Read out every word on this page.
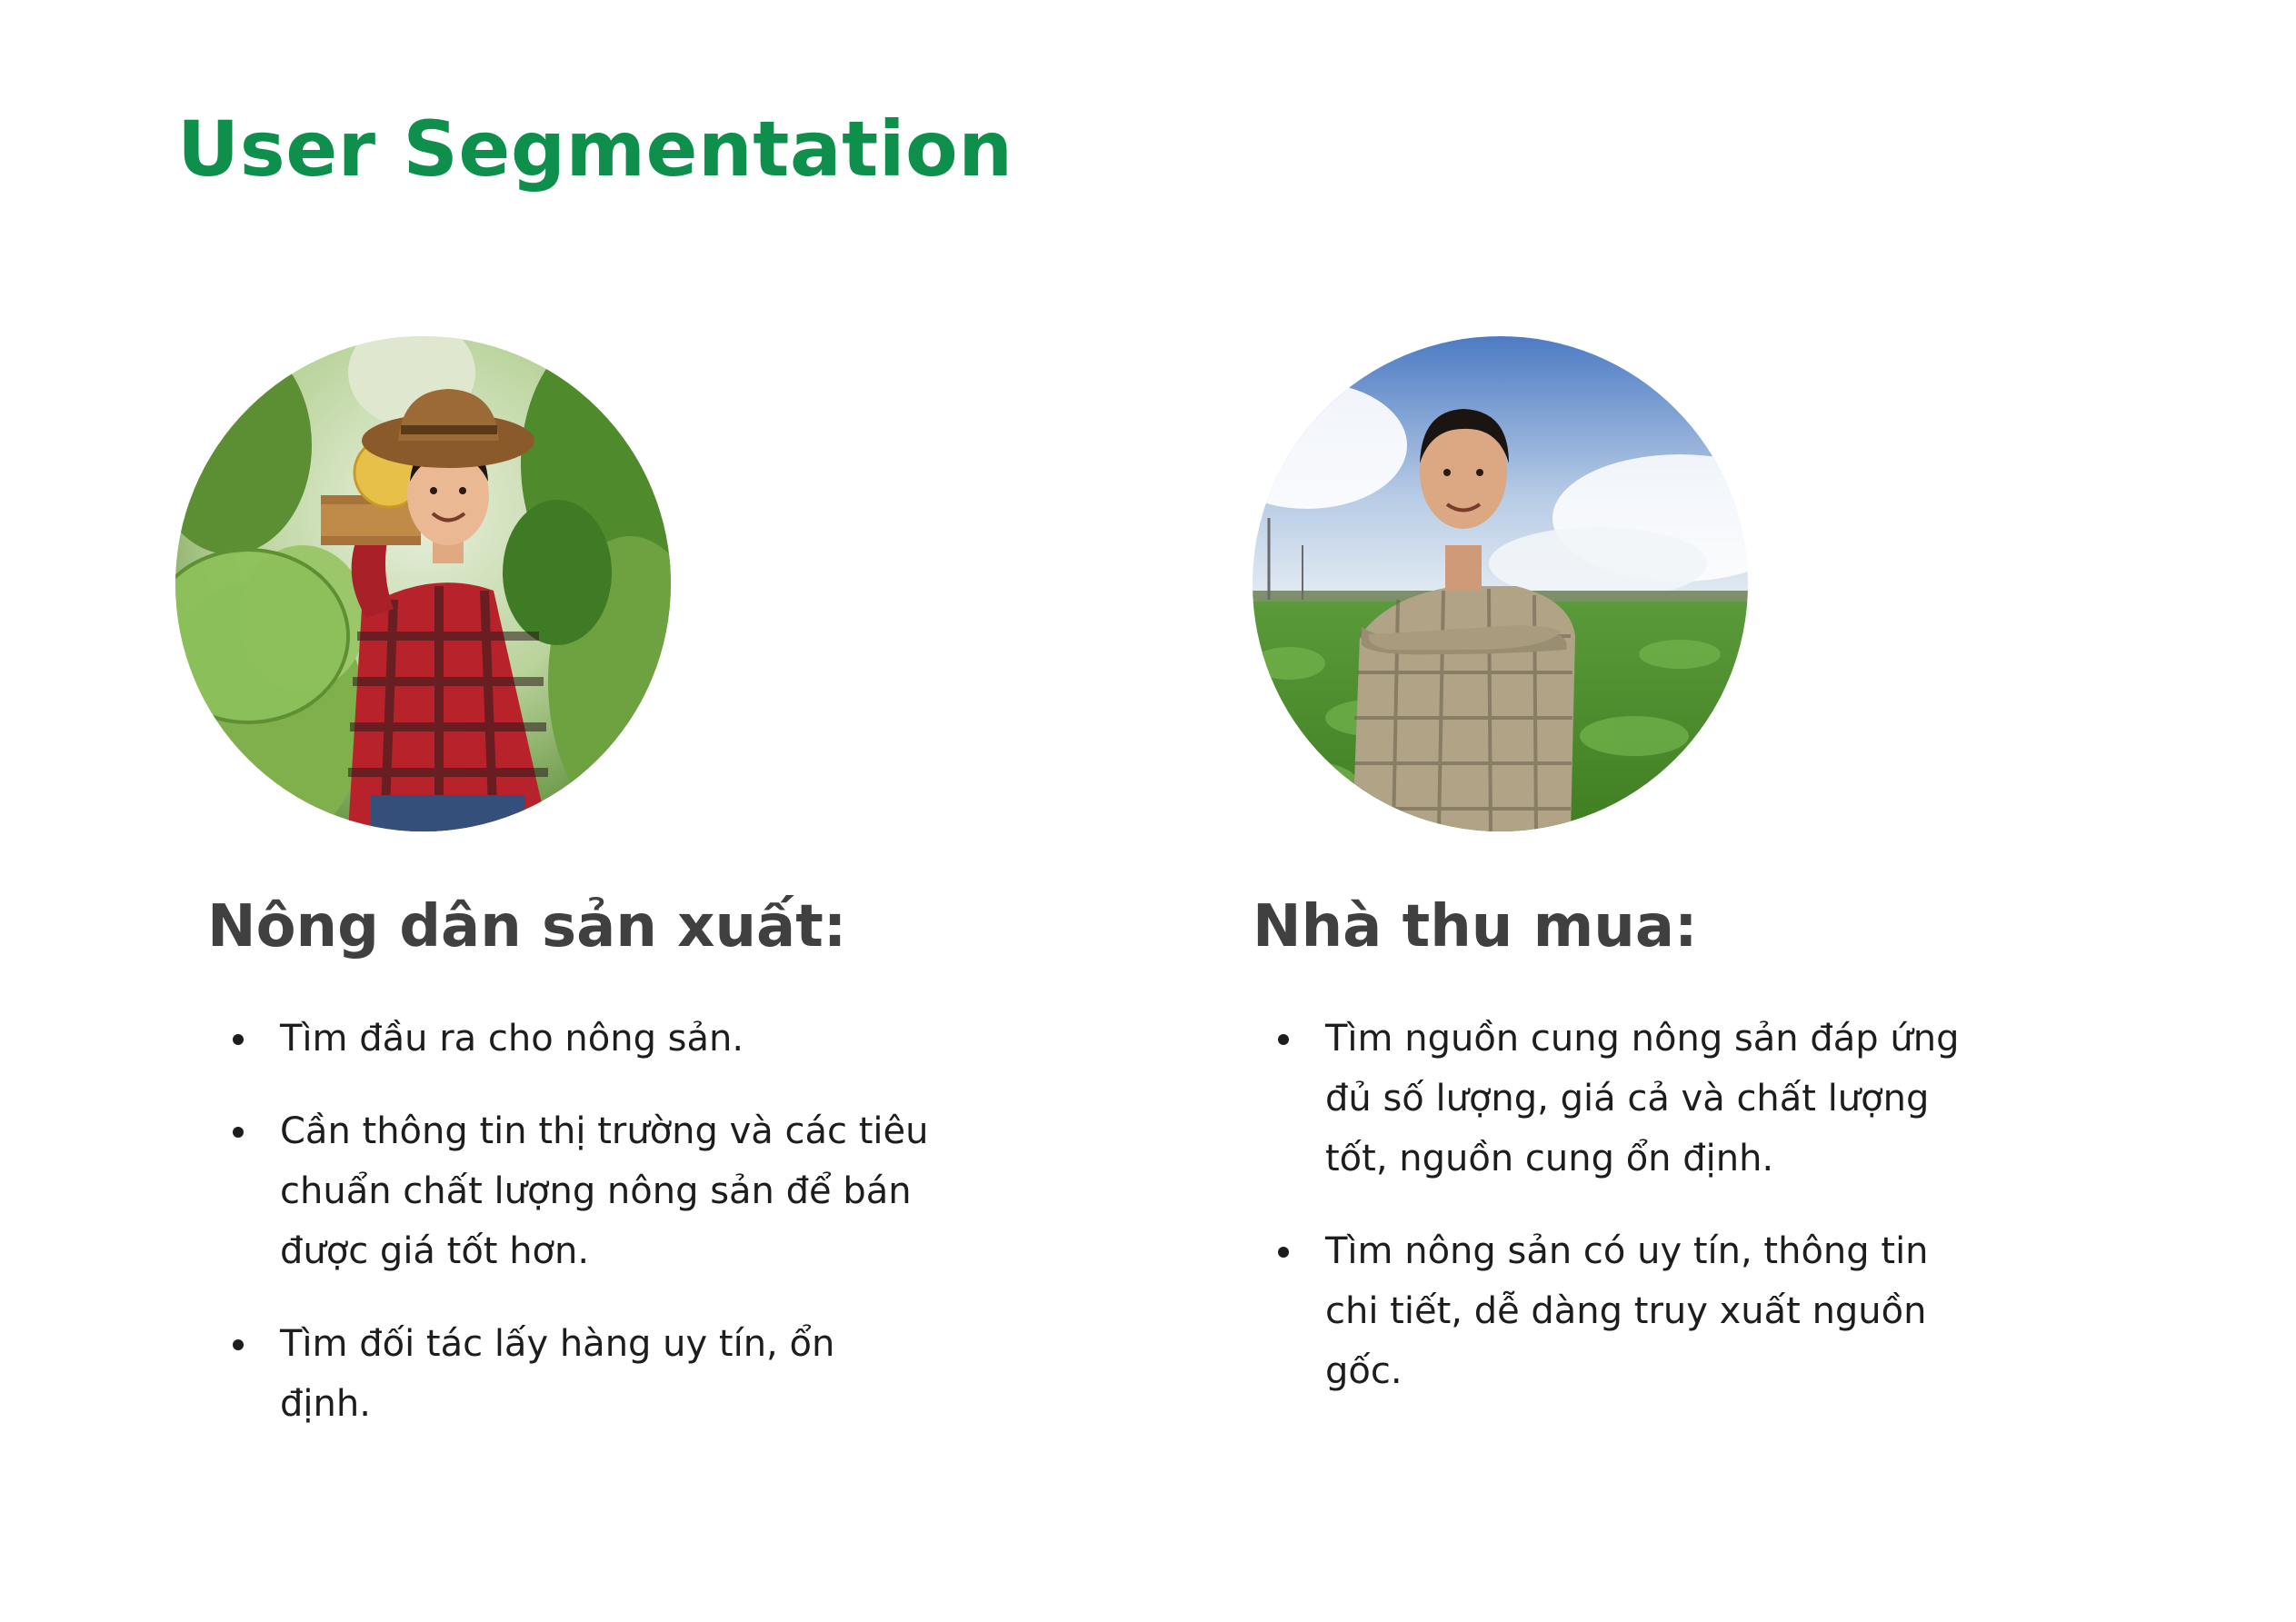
User Segmentation
Nông dân sản xuất:
Tìm đầu ra cho nông sản.
Cần thông tin thị trường và các tiêu chuẩn chất lượng nông sản để bán được giá tốt hơn.
Tìm đối tác lấy hàng uy tín, ổn định.
Nhà thu mua:
Tìm nguồn cung nông sản đáp ứng đủ số lượng, giá cả và chất lượng tốt, nguồn cung ổn định.
Tìm nông sản có uy tín, thông tin chi tiết, dễ dàng truy xuất nguồn gốc.
